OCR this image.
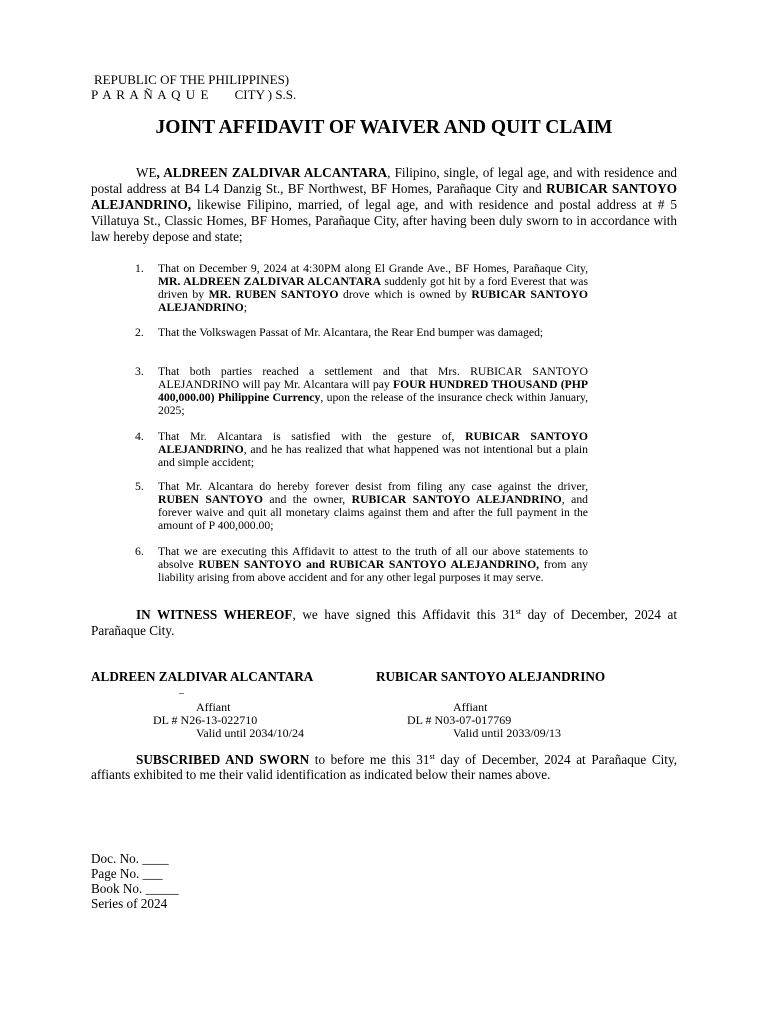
REPUBLIC OF THE PHILIPPINES)
P A R A Ñ A Q U E CITY ) S.S.
JOINT AFFIDAVIT OF WAIVER AND QUIT CLAIM
WE, ALDREEN ZALDIVAR ALCANTARA, Filipino, single, of legal age, and with residence and postal address at B4 L4 Danzig St., BF Northwest, BF Homes, Parañaque City and RUBICAR SANTOYO ALEJANDRINO, likewise Filipino, married, of legal age, and with residence and postal address at # 5 Villatuya St., Classic Homes, BF Homes, Parañaque City, after having been duly sworn to in accordance with law hereby depose and state;
1. That on December 9, 2024 at 4:30PM along El Grande Ave., BF Homes, Parañaque City, MR. ALDREEN ZALDIVAR ALCANTARA suddenly got hit by a ford Everest that was driven by MR. RUBEN SANTOYO drove which is owned by RUBICAR SANTOYO ALEJANDRINO;
2. That the Volkswagen Passat of Mr. Alcantara, the Rear End bumper was damaged;
3. That both parties reached a settlement and that Mrs. RUBICAR SANTOYO ALEJANDRINO will pay Mr. Alcantara will pay FOUR HUNDRED THOUSAND (PHP 400,000.00) Philippine Currency, upon the release of the insurance check within January, 2025;
4. That Mr. Alcantara is satisfied with the gesture of, RUBICAR SANTOYO ALEJANDRINO, and he has realized that what happened was not intentional but a plain and simple accident;
5. That Mr. Alcantara do hereby forever desist from filing any case against the driver, RUBEN SANTOYO and the owner, RUBICAR SANTOYO ALEJANDRINO, and forever waive and quit all monetary claims against them and after the full payment in the amount of P 400,000.00;
6. That we are executing this Affidavit to attest to the truth of all our above statements to absolve RUBEN SANTOYO and RUBICAR SANTOYO ALEJANDRINO, from any liability arising from above accident and for any other legal purposes it may serve.
IN WITNESS WHEREOF, we have signed this Affidavit this 31st day of December, 2024 at Parañaque City.
ALDREEN ZALDIVAR ALCANTARA	RUBICAR SANTOYO ALEJANDRINO
–
Affiant	Affiant
DL # N26-13-022710	DL # N03-07-017769
Valid until 2034/10/24	Valid until 2033/09/13
SUBSCRIBED AND SWORN to before me this 31st day of December, 2024 at Parañaque City, affiants exhibited to me their valid identification as indicated below their names above.
Doc. No. ____
Page No. ___
Book No. _____
Series of 2024
